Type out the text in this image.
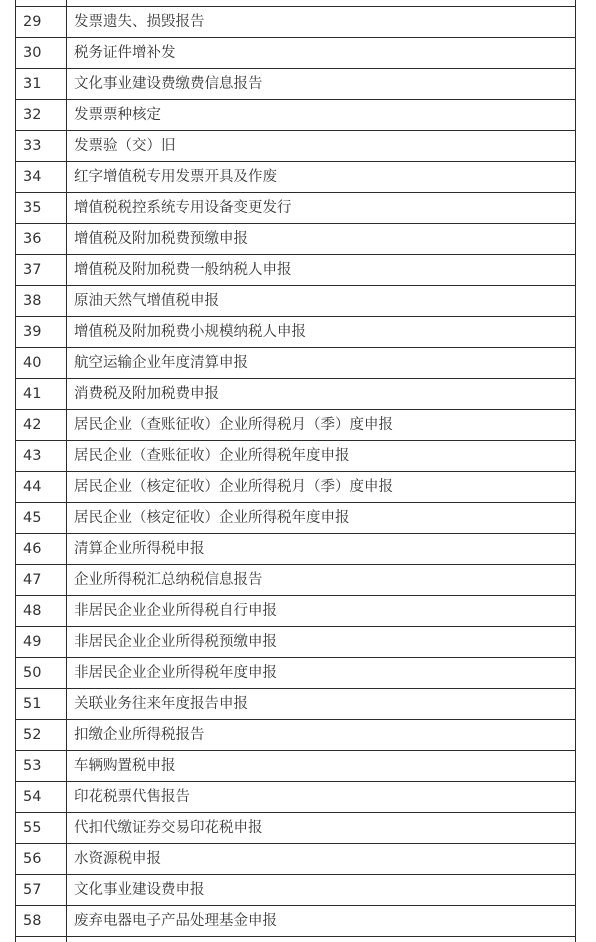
29	发票遗失、损毁报告
30	税务证件增补发
31	文化事业建设费缴费信息报告
32	发票票种核定
33	发票验（交）旧
34	红字增值税专用发票开具及作废
35	增值税税控系统专用设备变更发行
36	增值税及附加税费预缴申报
37	增值税及附加税费一般纳税人申报
38	原油天然气增值税申报
39	增值税及附加税费小规模纳税人申报
40	航空运输企业年度清算申报
41	消费税及附加税费申报
42	居民企业（查账征收）企业所得税月（季）度申报
43	居民企业（查账征收）企业所得税年度申报
44	居民企业（核定征收）企业所得税月（季）度申报
45	居民企业（核定征收）企业所得税年度申报
46	清算企业所得税申报
47	企业所得税汇总纳税信息报告
48	非居民企业企业所得税自行申报
49	非居民企业企业所得税预缴申报
50	非居民企业企业所得税年度申报
51	关联业务往来年度报告申报
52	扣缴企业所得税报告
53	车辆购置税申报
54	印花税票代售报告
55	代扣代缴证券交易印花税申报
56	水资源税申报
57	文化事业建设费申报
58	废弃电器电子产品处理基金申报
